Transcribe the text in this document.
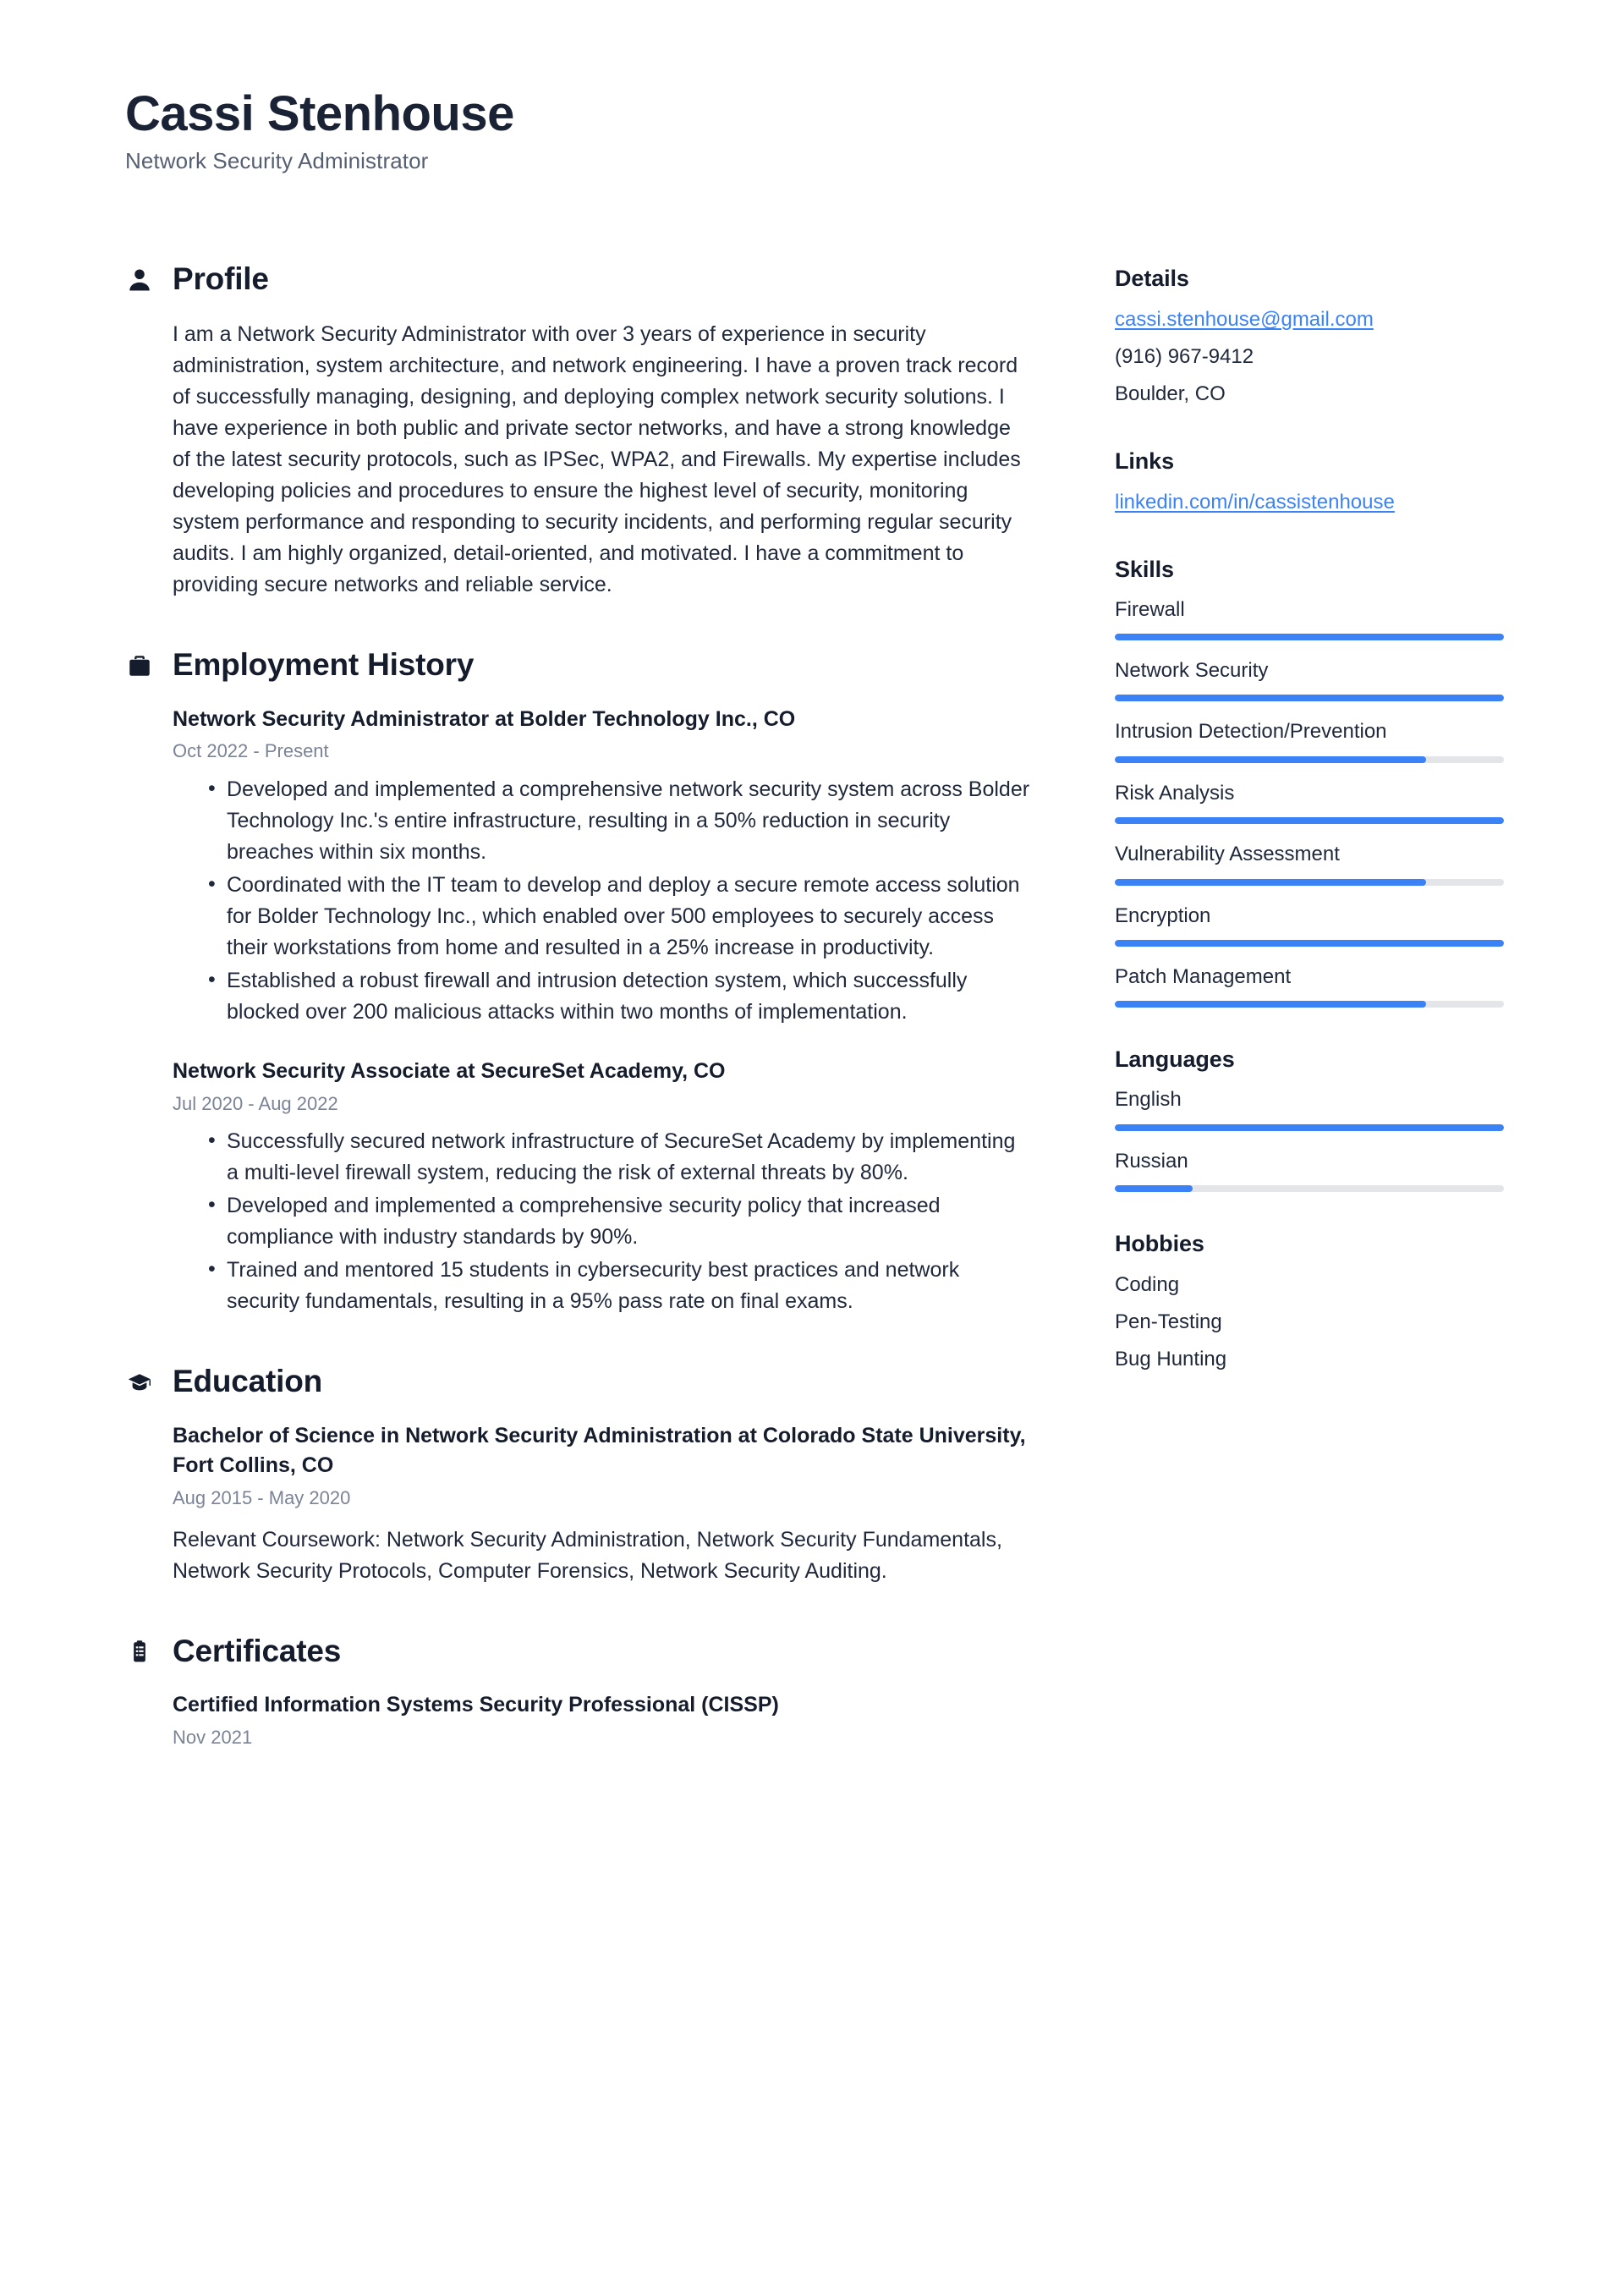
Cassi Stenhouse
Network Security Administrator
Profile

I am a Network Security Administrator with over 3 years of experience in security administration, system architecture, and network engineering. I have a proven track record of successfully managing, designing, and deploying complex network security solutions. I have experience in both public and private sector networks, and have a strong knowledge of the latest security protocols, such as IPSec, WPA2, and Firewalls. My expertise includes developing policies and procedures to ensure the highest level of security, monitoring system performance and responding to security incidents, and performing regular security audits. I am highly organized, detail-oriented, and motivated. I have a commitment to providing secure networks and reliable service.

Employment History
Network Security Administrator at Bolder Technology Inc., CO
Oct 2022 - Present
• Developed and implemented a comprehensive network security system across Bolder Technology Inc.'s entire infrastructure, resulting in a 50% reduction in security breaches within six months.
• Coordinated with the IT team to develop and deploy a secure remote access solution for Bolder Technology Inc., which enabled over 500 employees to securely access their workstations from home and resulted in a 25% increase in productivity.
• Established a robust firewall and intrusion detection system, which successfully blocked over 200 malicious attacks within two months of implementation.
Network Security Associate at SecureSet Academy, CO
Jul 2020 - Aug 2022
• Successfully secured network infrastructure of SecureSet Academy by implementing a multi-level firewall system, reducing the risk of external threats by 80%.
• Developed and implemented a comprehensive security policy that increased compliance with industry standards by 90%.
• Trained and mentored 15 students in cybersecurity best practices and network security fundamentals, resulting in a 95% pass rate on final exams.
Education
Bachelor of Science in Network Security Administration at Colorado State University, Fort Collins, CO
Aug 2015 - May 2020
Relevant Coursework: Network Security Administration, Network Security Fundamentals, Network Security Protocols, Computer Forensics, Network Security Auditing.
Certificates
Certified Information Systems Security Professional (CISSP)
Nov 2021
Details
cassi.stenhouse@gmail.com
(916) 967-9412
Boulder, CO
Links
linkedin.com/in/cassistenhouse
Skills
Firewall
Network Security
Intrusion Detection/Prevention
Risk Analysis
Vulnerability Assessment
Encryption
Patch Management
Languages
English
Russian
Hobbies
Coding
Pen-Testing
Bug Hunting
